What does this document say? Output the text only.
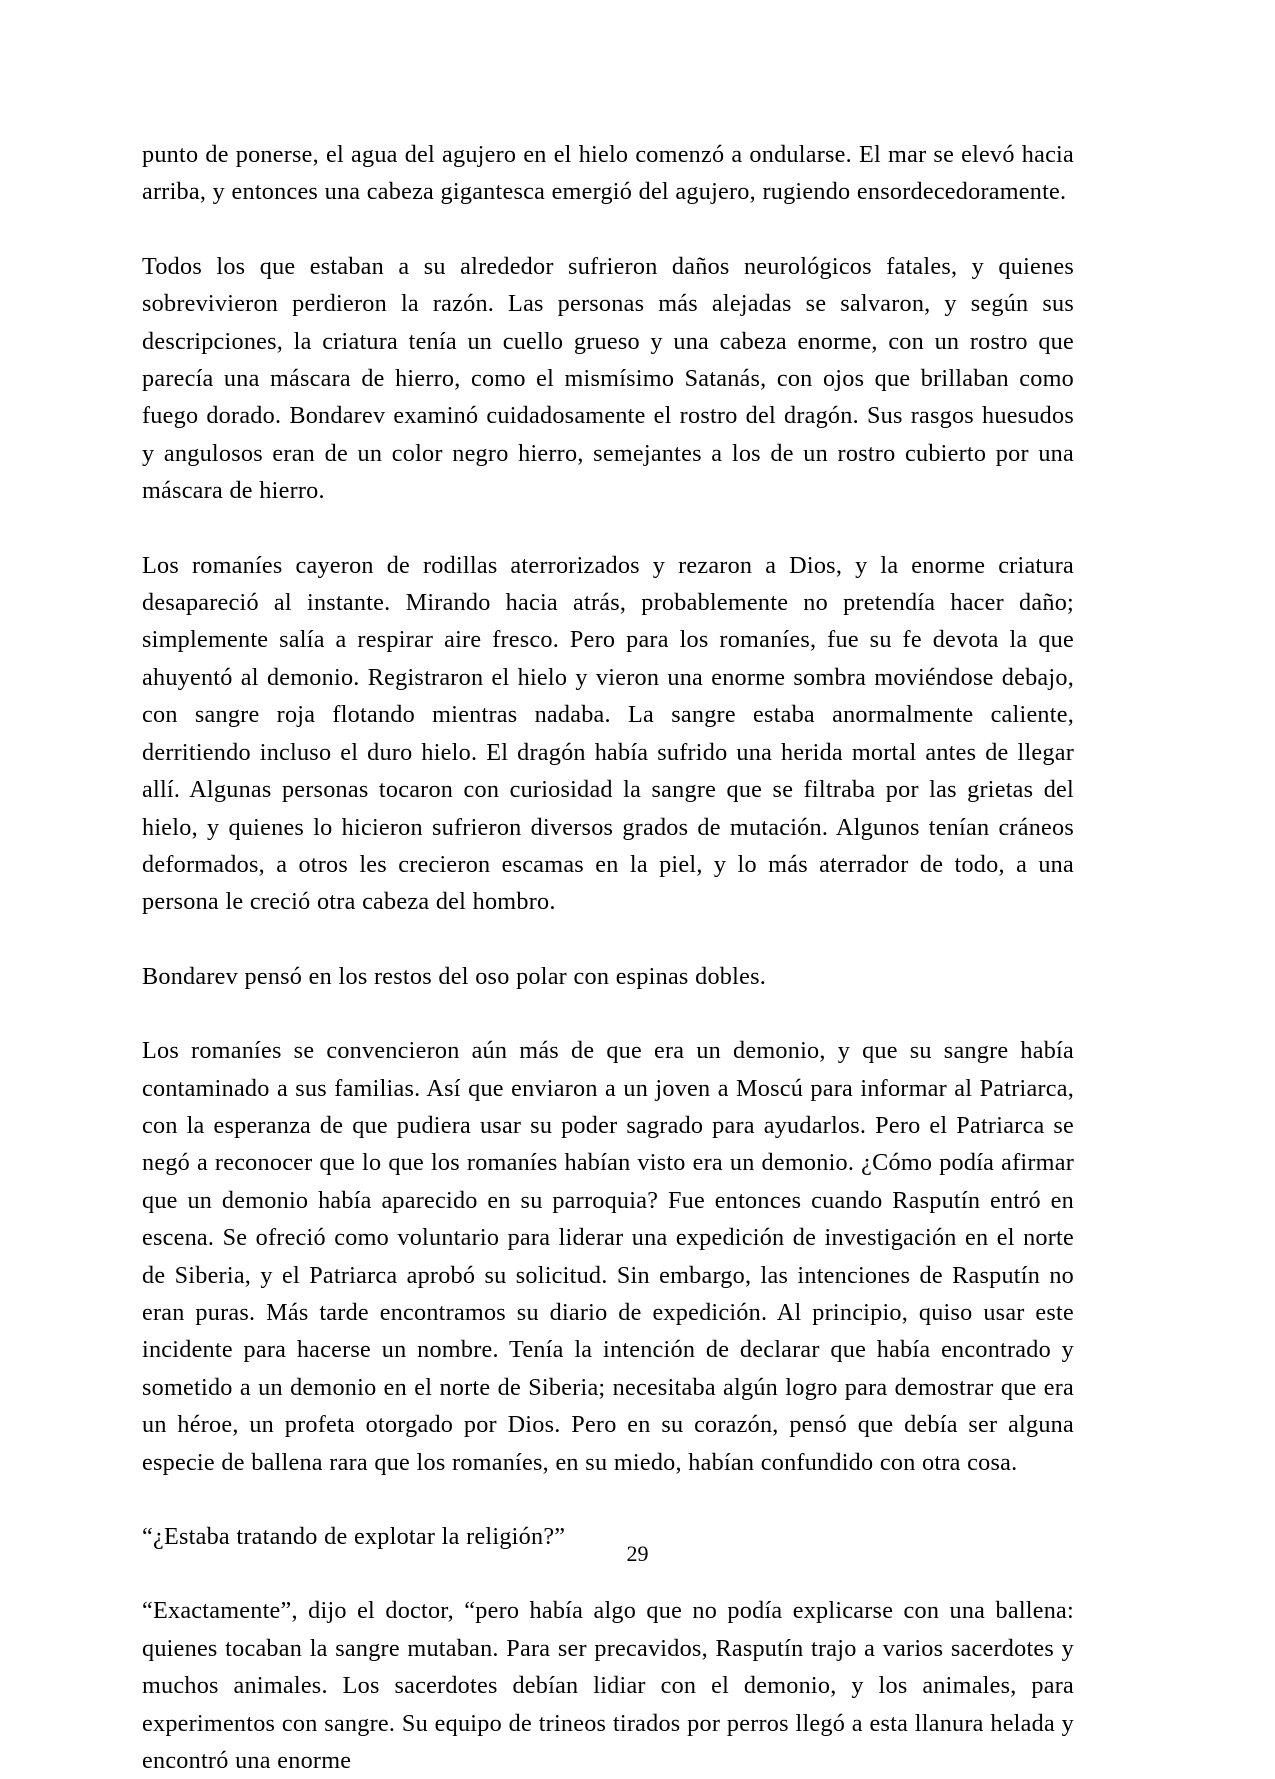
punto de ponerse, el agua del agujero en el hielo comenzó a ondularse. El mar se elevó hacia arriba, y entonces una cabeza gigantesca emergió del agujero, rugiendo ensordecedoramente.

Todos los que estaban a su alrededor sufrieron daños neurológicos fatales, y quienes sobrevivieron perdieron la razón. Las personas más alejadas se salvaron, y según sus descripciones, la criatura tenía un cuello grueso y una cabeza enorme, con un rostro que parecía una máscara de hierro, como el mismísimo Satanás, con ojos que brillaban como fuego dorado. Bondarev examinó cuidadosamente el rostro del dragón. Sus rasgos huesudos y angulosos eran de un color negro hierro, semejantes a los de un rostro cubierto por una máscara de hierro.

Los romaníes cayeron de rodillas aterrorizados y rezaron a Dios, y la enorme criatura desapareció al instante. Mirando hacia atrás, probablemente no pretendía hacer daño; simplemente salía a respirar aire fresco. Pero para los romaníes, fue su fe devota la que ahuyentó al demonio. Registraron el hielo y vieron una enorme sombra moviéndose debajo, con sangre roja flotando mientras nadaba. La sangre estaba anormalmente caliente, derritiendo incluso el duro hielo. El dragón había sufrido una herida mortal antes de llegar allí. Algunas personas tocaron con curiosidad la sangre que se filtraba por las grietas del hielo, y quienes lo hicieron sufrieron diversos grados de mutación. Algunos tenían cráneos deformados, a otros les crecieron escamas en la piel, y lo más aterrador de todo, a una persona le creció otra cabeza del hombro.

Bondarev pensó en los restos del oso polar con espinas dobles.

Los romaníes se convencieron aún más de que era un demonio, y que su sangre había contaminado a sus familias. Así que enviaron a un joven a Moscú para informar al Patriarca, con la esperanza de que pudiera usar su poder sagrado para ayudarlos. Pero el Patriarca se negó a reconocer que lo que los romaníes habían visto era un demonio. ¿Cómo podía afirmar que un demonio había aparecido en su parroquia? Fue entonces cuando Rasputín entró en escena. Se ofreció como voluntario para liderar una expedición de investigación en el norte de Siberia, y el Patriarca aprobó su solicitud. Sin embargo, las intenciones de Rasputín no eran puras. Más tarde encontramos su diario de expedición. Al principio, quiso usar este incidente para hacerse un nombre. Tenía la intención de declarar que había encontrado y sometido a un demonio en el norte de Siberia; necesitaba algún logro para demostrar que era un héroe, un profeta otorgado por Dios. Pero en su corazón, pensó que debía ser alguna especie de ballena rara que los romaníes, en su miedo, habían confundido con otra cosa.

“¿Estaba tratando de explotar la religión?”

“Exactamente”, dijo el doctor, “pero había algo que no podía explicarse con una ballena: quienes tocaban la sangre mutaban. Para ser precavidos, Rasputín trajo a varios sacerdotes y muchos animales. Los sacerdotes debían lidiar con el demonio, y los animales, para experimentos con sangre. Su equipo de trineos tirados por perros llegó a esta llanura helada y encontró una enorme

29
